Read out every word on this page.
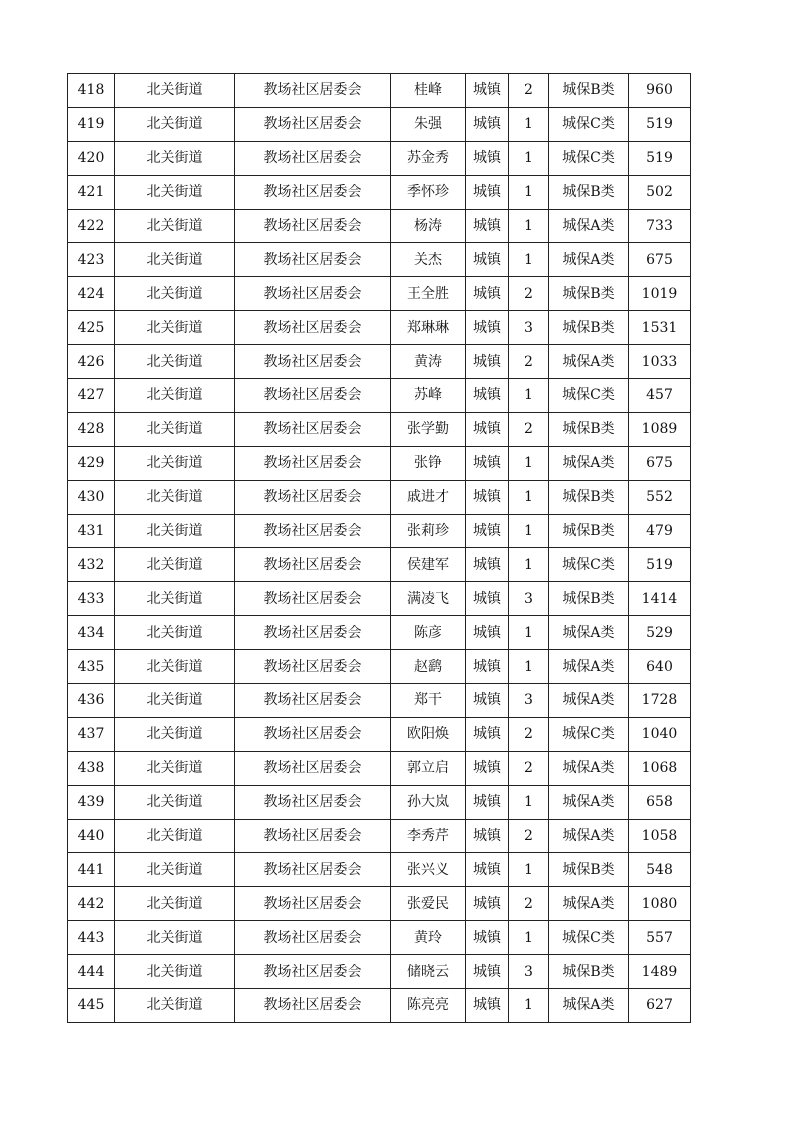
418	北关街道	教场社区居委会	桂峰	城镇	2	城保B类	960
419	北关街道	教场社区居委会	朱强	城镇	1	城保C类	519
420	北关街道	教场社区居委会	苏金秀	城镇	1	城保C类	519
421	北关街道	教场社区居委会	季怀珍	城镇	1	城保B类	502
422	北关街道	教场社区居委会	杨涛	城镇	1	城保A类	733
423	北关街道	教场社区居委会	关杰	城镇	1	城保A类	675
424	北关街道	教场社区居委会	王全胜	城镇	2	城保B类	1019
425	北关街道	教场社区居委会	郑琳琳	城镇	3	城保B类	1531
426	北关街道	教场社区居委会	黄涛	城镇	2	城保A类	1033
427	北关街道	教场社区居委会	苏峰	城镇	1	城保C类	457
428	北关街道	教场社区居委会	张学勤	城镇	2	城保B类	1089
429	北关街道	教场社区居委会	张铮	城镇	1	城保A类	675
430	北关街道	教场社区居委会	戚进才	城镇	1	城保B类	552
431	北关街道	教场社区居委会	张莉珍	城镇	1	城保B类	479
432	北关街道	教场社区居委会	侯建军	城镇	1	城保C类	519
433	北关街道	教场社区居委会	满凌飞	城镇	3	城保B类	1414
434	北关街道	教场社区居委会	陈彦	城镇	1	城保A类	529
435	北关街道	教场社区居委会	赵鹞	城镇	1	城保A类	640
436	北关街道	教场社区居委会	郑干	城镇	3	城保A类	1728
437	北关街道	教场社区居委会	欧阳焕	城镇	2	城保C类	1040
438	北关街道	教场社区居委会	郭立启	城镇	2	城保A类	1068
439	北关街道	教场社区居委会	孙大岚	城镇	1	城保A类	658
440	北关街道	教场社区居委会	李秀芹	城镇	2	城保A类	1058
441	北关街道	教场社区居委会	张兴义	城镇	1	城保B类	548
442	北关街道	教场社区居委会	张爱民	城镇	2	城保A类	1080
443	北关街道	教场社区居委会	黄玲	城镇	1	城保C类	557
444	北关街道	教场社区居委会	储晓云	城镇	3	城保B类	1489
445	北关街道	教场社区居委会	陈亮亮	城镇	1	城保A类	627
